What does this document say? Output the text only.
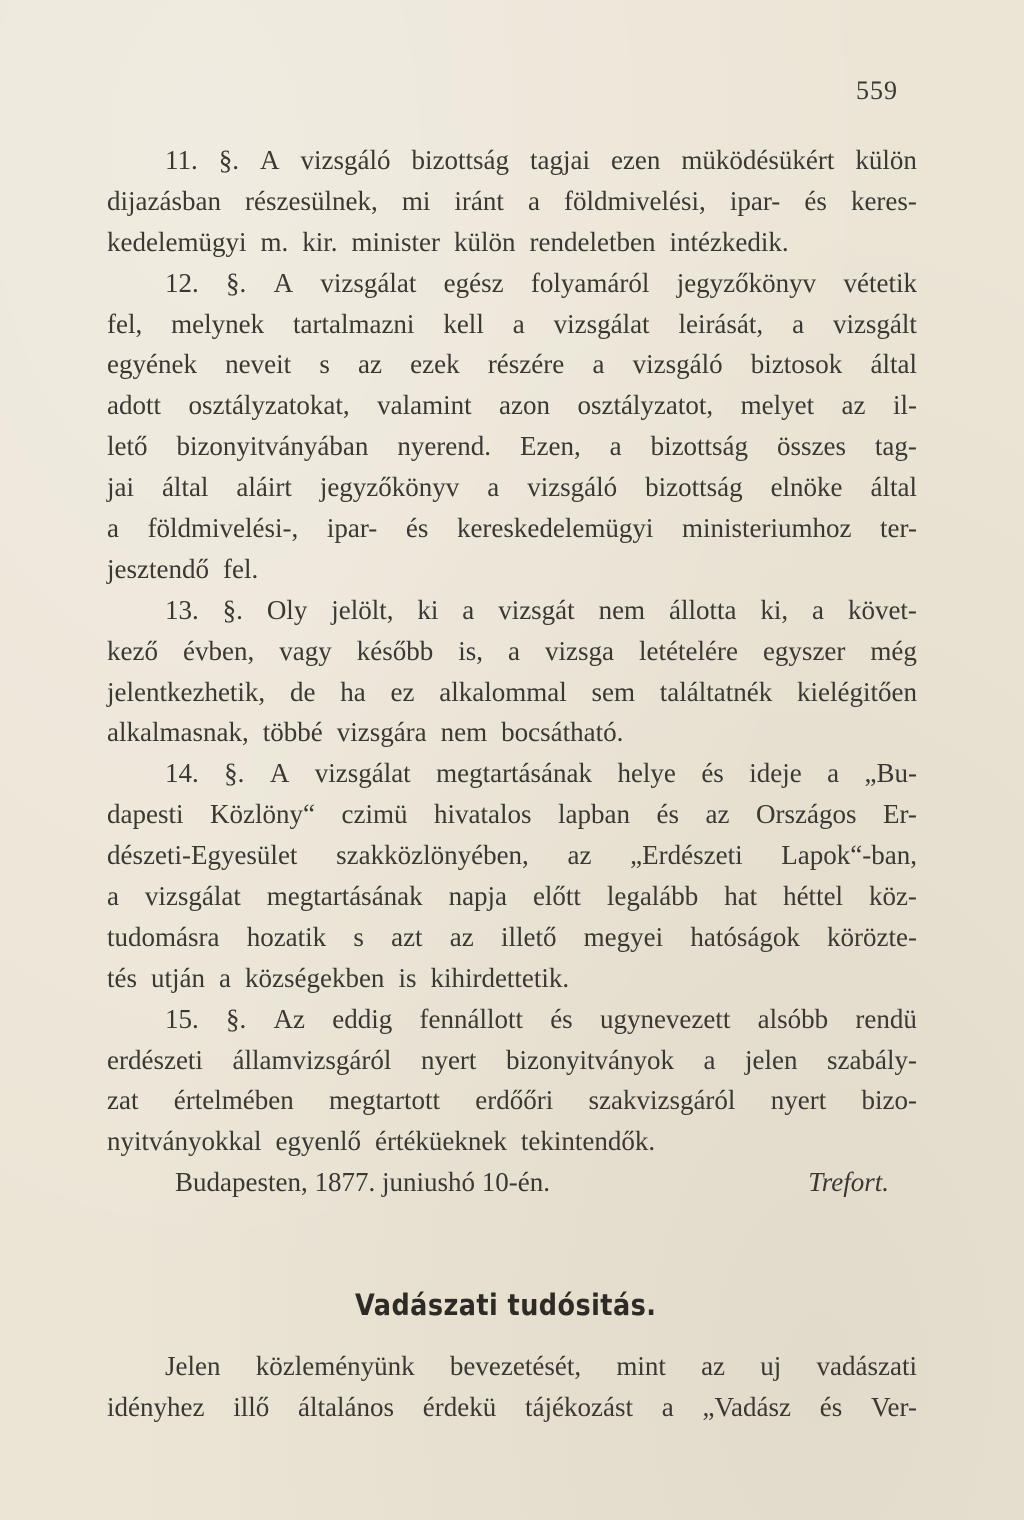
559
11. §. A vizsgáló bizottság tagjai ezen müködésükért külön
dijazásban részesülnek, mi iránt a földmivelési, ipar- és keres-
kedelemügyi m. kir. minister külön rendeletben intézkedik.
12. §. A vizsgálat egész folyamáról jegyzőkönyv vétetik
fel, melynek tartalmazni kell a vizsgálat leirását, a vizsgált
egyének neveit s az ezek részére a vizsgáló biztosok által
adott osztályzatokat, valamint azon osztályzatot, melyet az il-
lető bizonyitványában nyerend. Ezen, a bizottság összes tag-
jai által aláirt jegyzőkönyv a vizsgáló bizottság elnöke által
a földmivelési-, ipar- és kereskedelemügyi ministeriumhoz ter-
jesztendő fel.
13. §. Oly jelölt, ki a vizsgát nem állotta ki, a követ-
kező évben, vagy később is, a vizsga letételére egyszer még
jelentkezhetik, de ha ez alkalommal sem találtatnék kielégitően
alkalmasnak, többé vizsgára nem bocsátható.
14. §. A vizsgálat megtartásának helye és ideje a „Bu-
dapesti Közlöny“ czimü hivatalos lapban és az Országos Er-
dészeti-Egyesület szakközlönyében, az „Erdészeti Lapok“-ban,
a vizsgálat megtartásának napja előtt legalább hat héttel köz-
tudomásra hozatik s azt az illető megyei hatóságok körözte-
tés utján a községekben is kihirdettetik.
15. §. Az eddig fennállott és ugynevezett alsóbb rendü
erdészeti államvizsgáról nyert bizonyitványok a jelen szabály-
zat értelmében megtartott erdőőri szakvizsgáról nyert bizo-
nyitványokkal egyenlő értéküeknek tekintendők.
Budapesten, 1877. juniushó 10-én.	Trefort.
Vadászati tudósitás.
Jelen közleményünk bevezetését, mint az uj vadászati
idényhez illő általános érdekü tájékozást a „Vadász és Ver-
